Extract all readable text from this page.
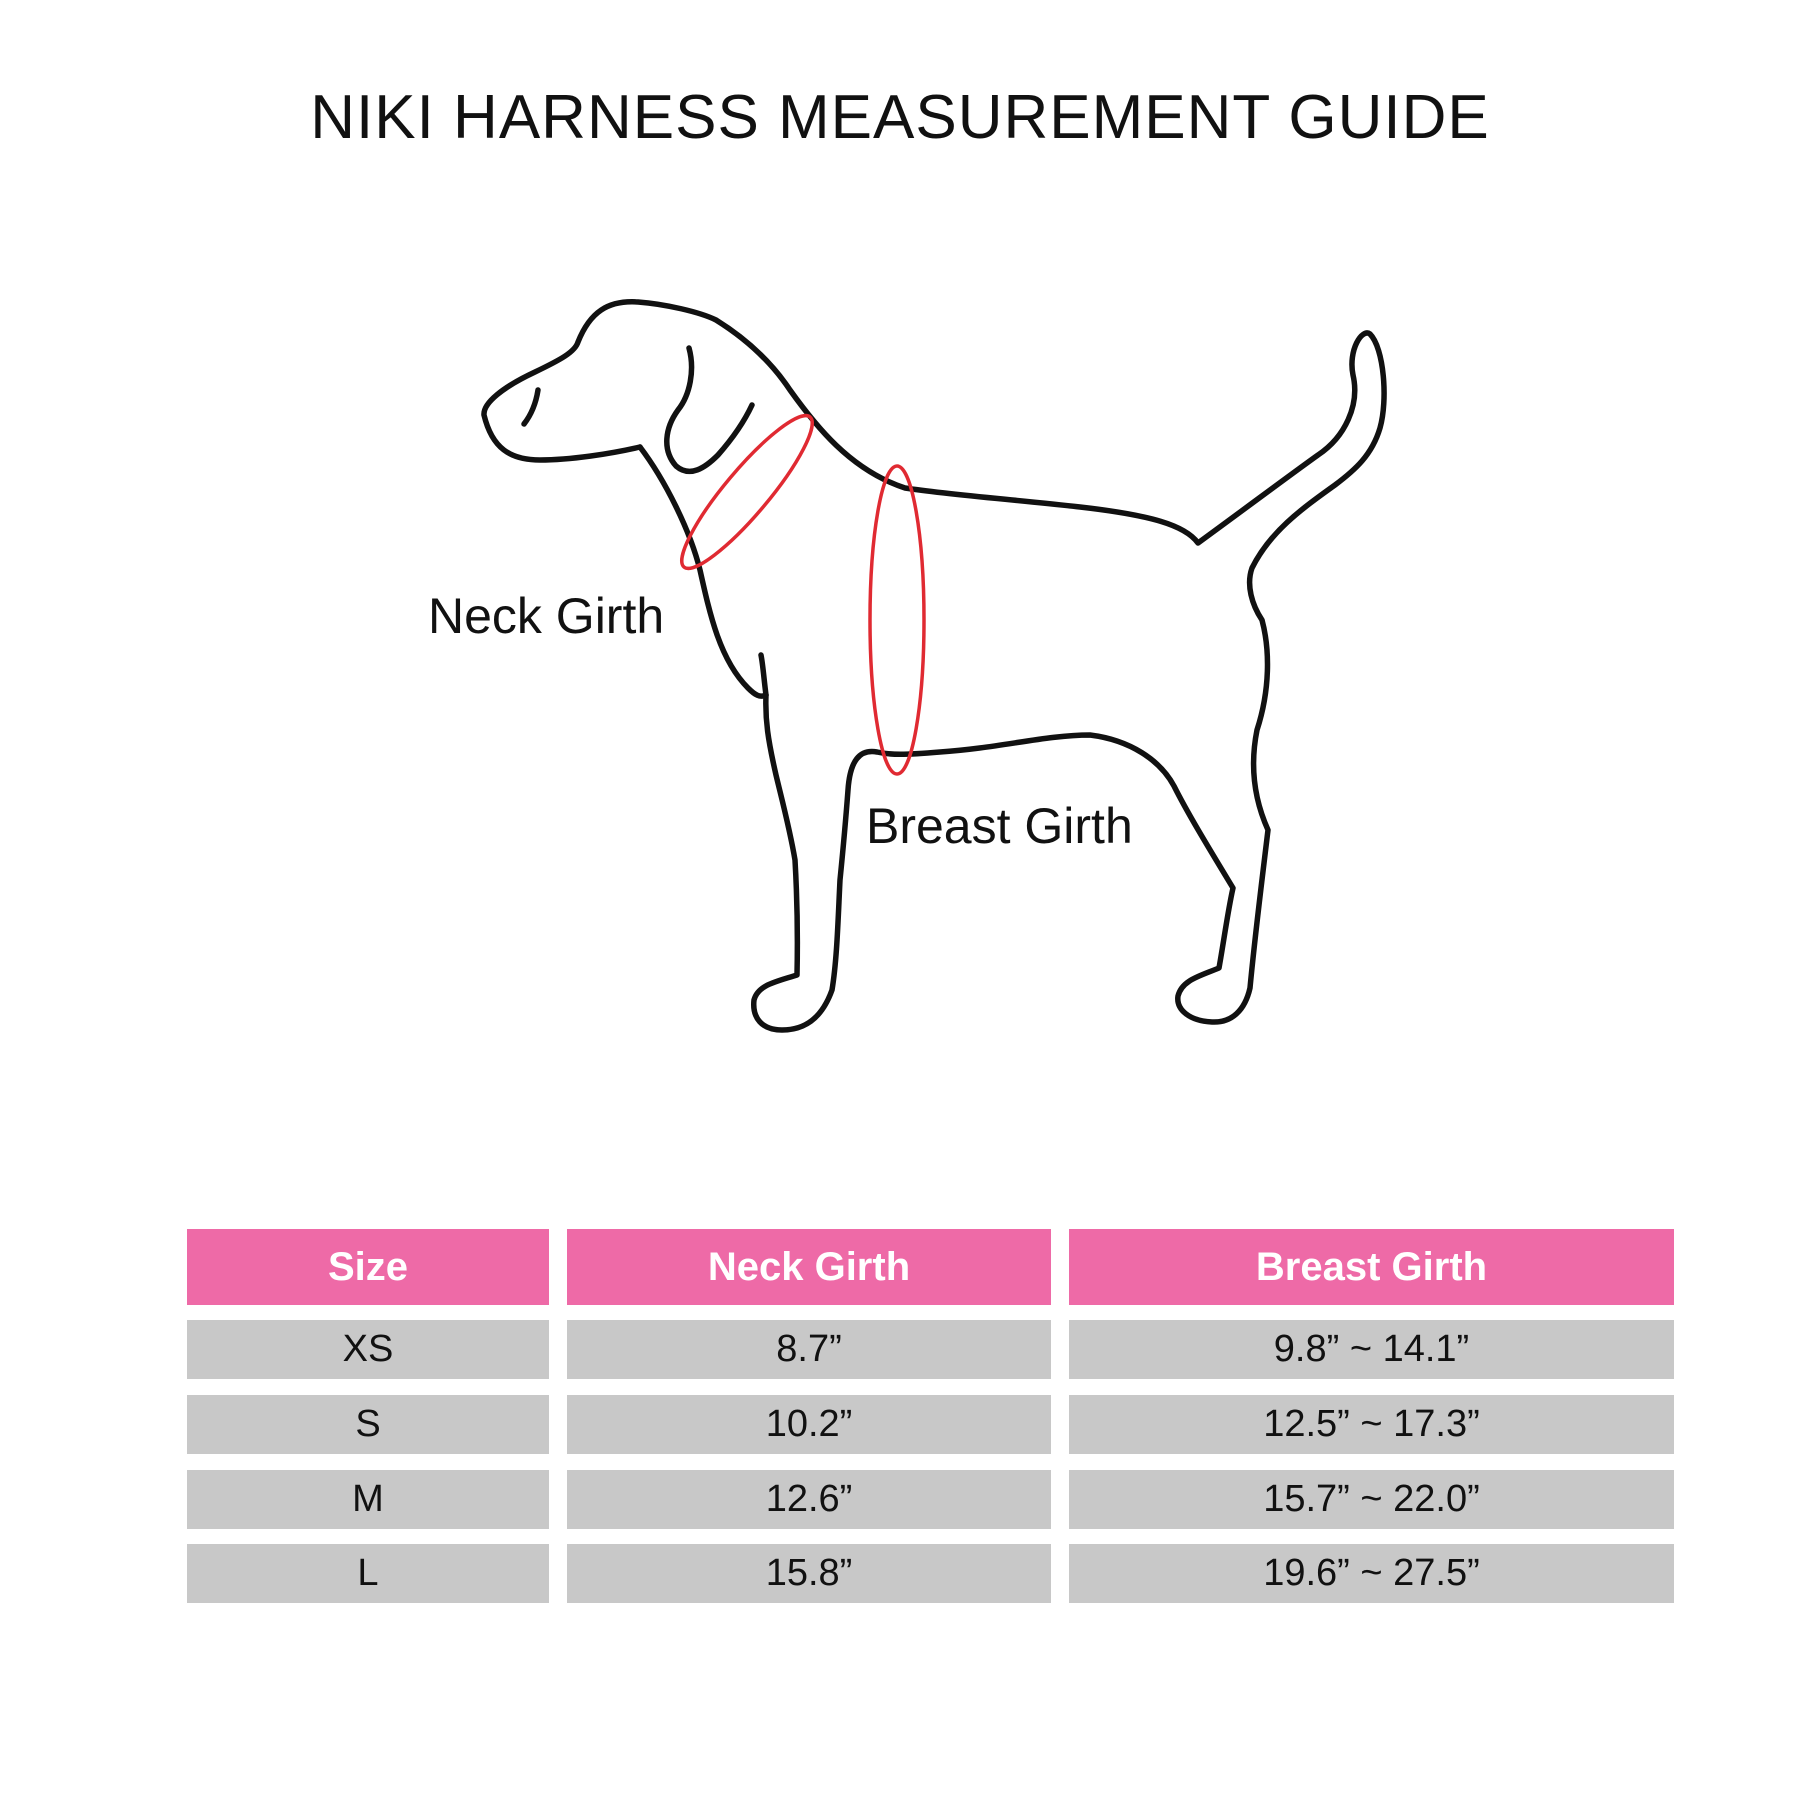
NIKI HARNESS MEASUREMENT GUIDE
Neck Girth
Breast Girth
Size	Neck Girth	Breast Girth
XS	8.7”	9.8” ~ 14.1”
S	10.2”	12.5” ~ 17.3”
M	12.6”	15.7” ~ 22.0”
L	15.8”	19.6” ~ 27.5”
